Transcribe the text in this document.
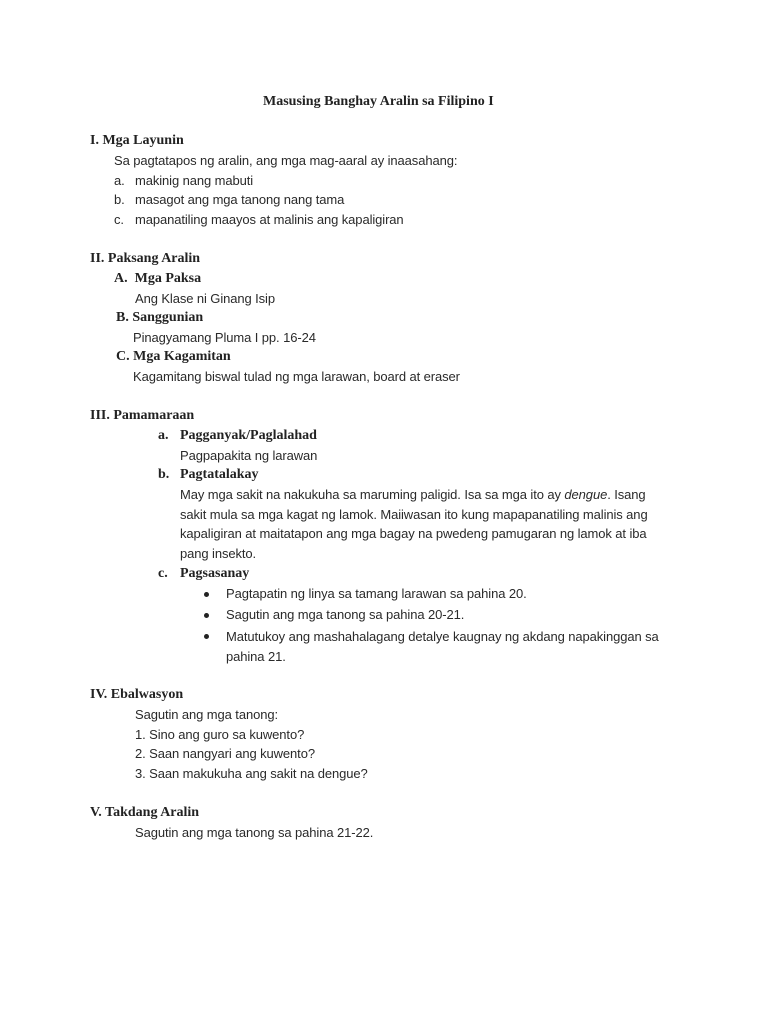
Masusing Banghay Aralin sa Filipino I
I. Mga Layunin
Sa pagtatapos ng aralin, ang mga mag-aaral ay inaasahang:
a. makinig nang mabuti
b. masagot ang mga tanong nang tama
c. mapanatiling maayos at malinis ang kapaligiran
II. Paksang Aralin
A.  Mga Paksa
Ang Klase ni Ginang Isip
B. Sanggunian
Pinagyamang Pluma I pp. 16-24
C. Mga Kagamitan
Kagamitang biswal tulad ng mga larawan, board at eraser
III. Pamamaraan
a. Pagganyak/Paglalahad
Pagpapakita ng larawan
b. Pagtatalakay
May mga sakit na nakukuha sa maruming paligid. Isa sa mga ito ay dengue. Isang
sakit mula sa mga kagat ng lamok. Maiiwasan ito kung mapapanatiling malinis ang
kapaligiran at maitatapon ang mga bagay na pwedeng pamugaran ng lamok at iba
pang insekto.
c. Pagsasanay
Pagtapatin ng linya sa tamang larawan sa pahina 20.
Sagutin ang mga tanong sa pahina 20-21.
Matutukoy ang mashahalagang detalye kaugnay ng akdang napakinggan sa
pahina 21.
IV. Ebalwasyon
Sagutin ang mga tanong:
1. Sino ang guro sa kuwento?
2. Saan nangyari ang kuwento?
3. Saan makukuha ang sakit na dengue?
V. Takdang Aralin
Sagutin ang mga tanong sa pahina 21-22.
